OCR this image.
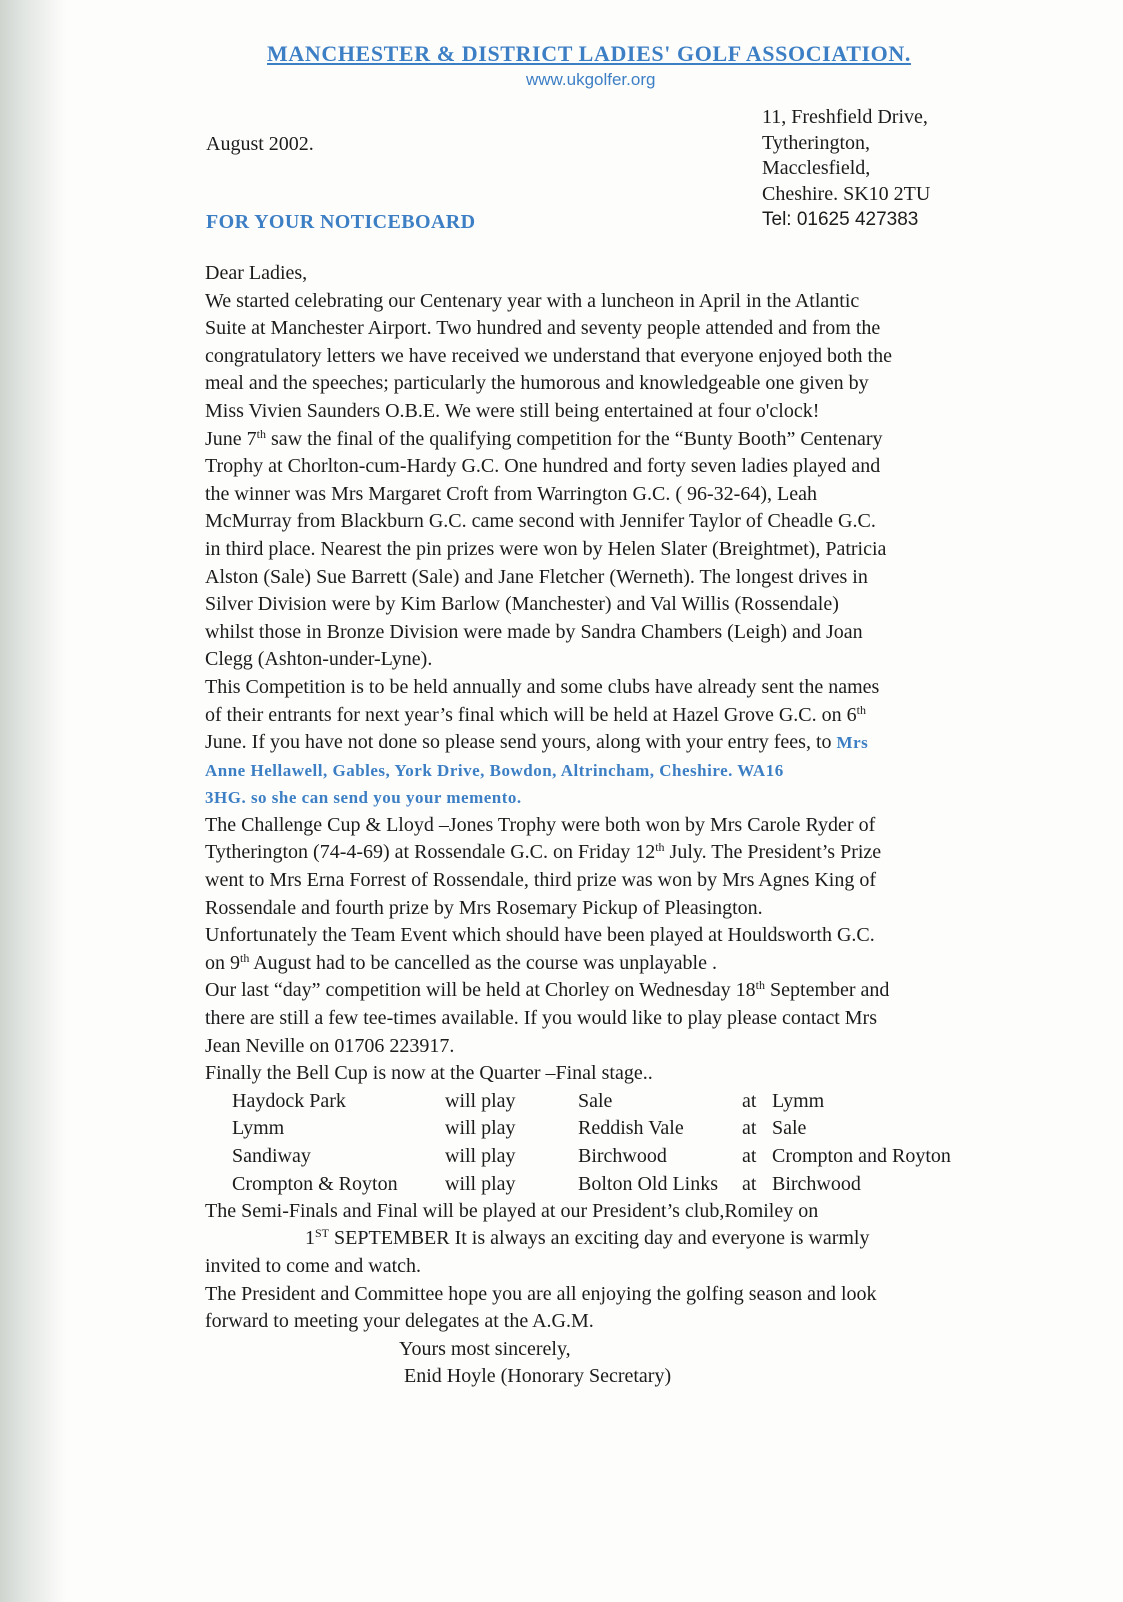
MANCHESTER & DISTRICT LADIES' GOLF ASSOCIATION.
www.ukgolfer.org
August 2002.
11, Freshfield Drive,
Tytherington,
Macclesfield,
Cheshire. SK10 2TU
Tel: 01625 427383
FOR YOUR NOTICEBOARD
Dear Ladies,
We started celebrating our Centenary year with a luncheon in April in the Atlantic
Suite at Manchester Airport. Two hundred and seventy people attended and from the
congratulatory letters we have received we understand that everyone enjoyed both the
meal and the speeches; particularly the humorous and knowledgeable one given by
Miss Vivien Saunders O.B.E. We were still being entertained at four o'clock!
June 7th saw the final of the qualifying competition for the “Bunty Booth” Centenary
Trophy at Chorlton-cum-Hardy G.C. One hundred and forty seven ladies played and
the winner was Mrs Margaret Croft from Warrington G.C. ( 96-32-64), Leah
McMurray from Blackburn G.C. came second with Jennifer Taylor of Cheadle G.C.
in third place. Nearest the pin prizes were won by Helen Slater (Breightmet), Patricia
Alston (Sale) Sue Barrett (Sale) and Jane Fletcher (Werneth). The longest drives in
Silver Division were by Kim Barlow (Manchester) and Val Willis (Rossendale)
whilst those in Bronze Division were made by Sandra Chambers (Leigh) and Joan
Clegg (Ashton-under-Lyne).
This Competition is to be held annually and some clubs have already sent the names
of their entrants for next year’s final which will be held at Hazel Grove G.C. on 6th
June. If you have not done so please send yours, along with your entry fees, to Mrs
Anne Hellawell, Gables, York Drive, Bowdon, Altrincham, Cheshire. WA16
3HG. so she can send you your memento.
The Challenge Cup & Lloyd –Jones Trophy were both won by Mrs Carole Ryder of
Tytherington (74-4-69) at Rossendale G.C. on Friday 12th July. The President’s Prize
went to Mrs Erna Forrest of Rossendale, third prize was won by Mrs Agnes King of
Rossendale and fourth prize by Mrs Rosemary Pickup of Pleasington.
Unfortunately the Team Event which should have been played at Houldsworth G.C.
on 9th August had to be cancelled as the course was unplayable .
Our last “day” competition will be held at Chorley on Wednesday 18th September and
there are still a few tee-times available. If you would like to play please contact Mrs
Jean Neville on 01706 223917.
Finally the Bell Cup is now at the Quarter –Final stage..
Haydock Park	will play	Sale	at Lymm
Lymm	will play	Reddish Vale	at Sale
Sandiway	will play	Birchwood	at Crompton and Royton
Crompton & Royton will play	Bolton Old Links at Birchwood
The Semi-Finals and Final will be played at our President’s club,Romiley on
1ST SEPTEMBER It is always an exciting day and everyone is warmly
invited to come and watch.
The President and Committee hope you are all enjoying the golfing season and look
forward to meeting your delegates at the A.G.M.
Yours most sincerely,
Enid Hoyle (Honorary Secretary)
